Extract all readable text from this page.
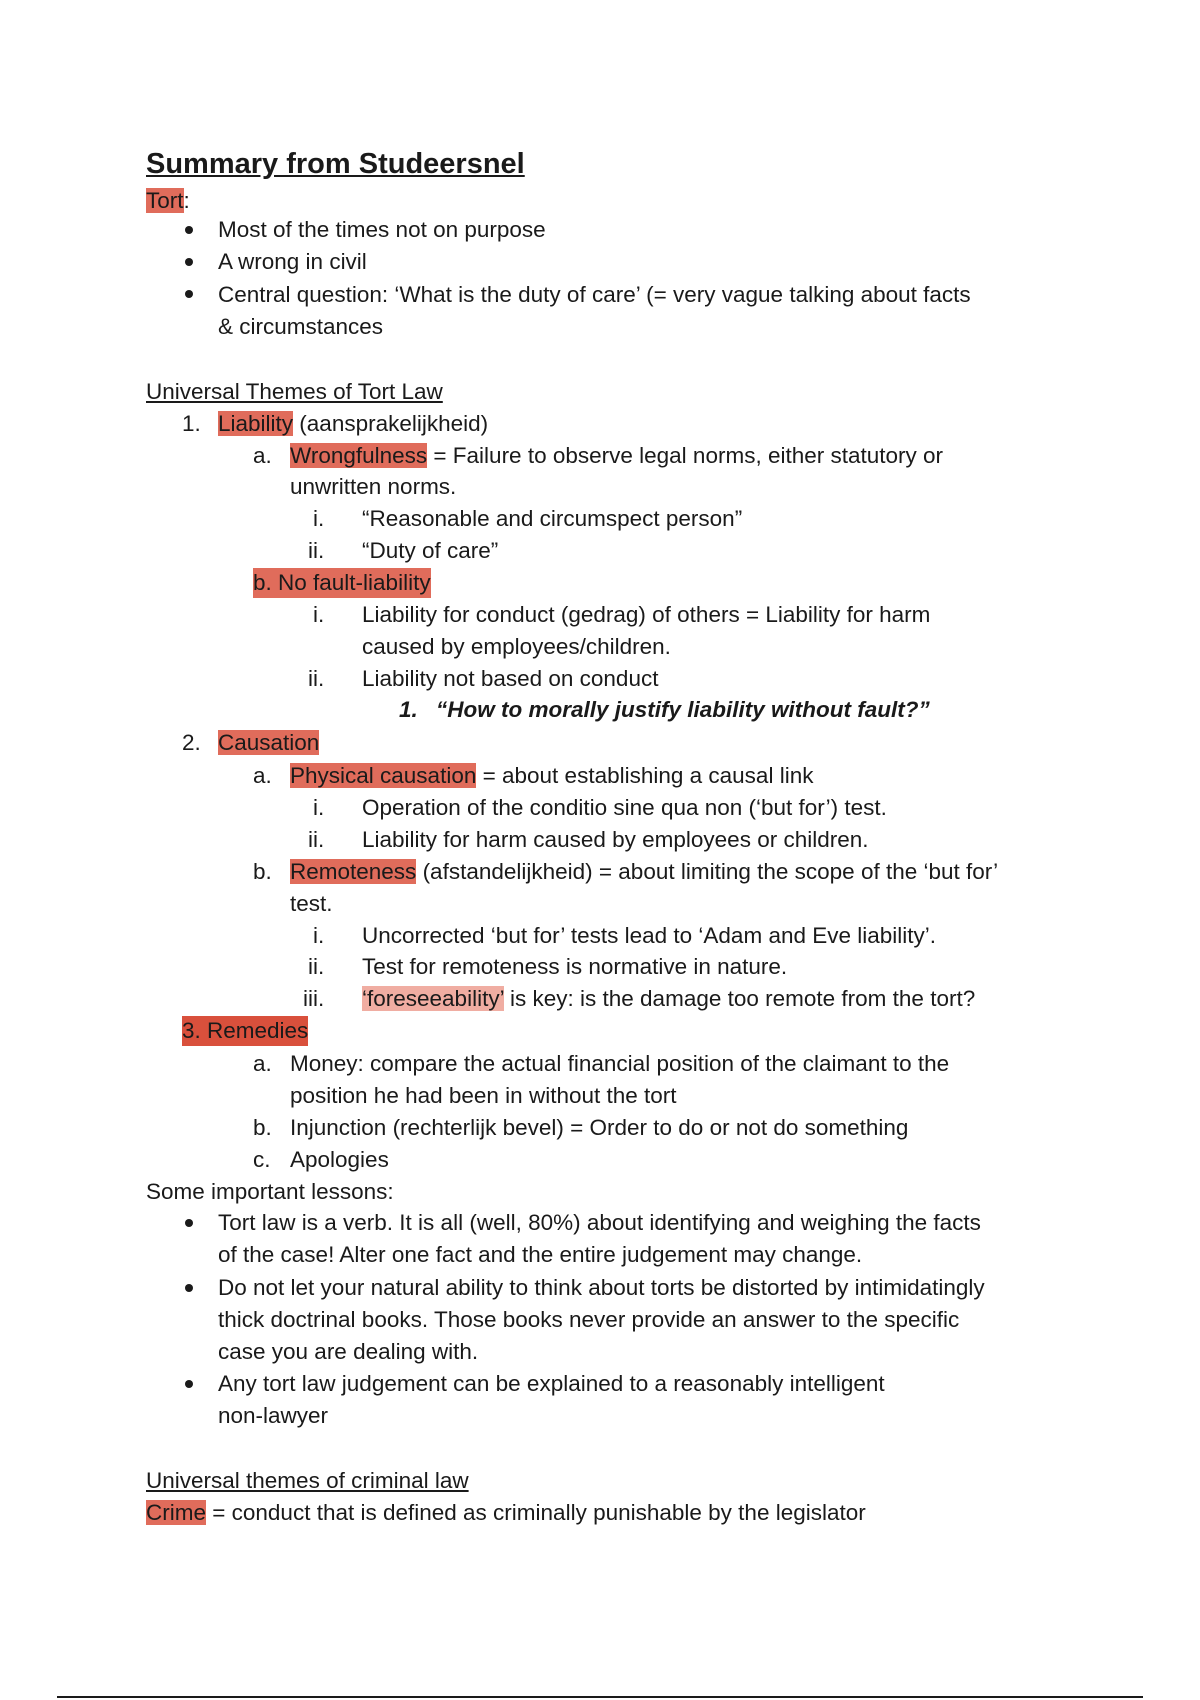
Summary from Studeersnel
Tort:
Most of the times not on purpose
A wrong in civil
Central question: ‘What is the duty of care’ (= very vague talking about facts
& circumstances
Universal Themes of Tort Law
1. Liability (aansprakelijkheid)
a. Wrongfulness = Failure to observe legal norms, either statutory or
unwritten norms.
i. “Reasonable and circumspect person”
ii. “Duty of care”
b. No fault-liability
i. Liability for conduct (gedrag) of others = Liability for harm
caused by employees/children.
ii. Liability not based on conduct
1. “How to morally justify liability without fault?”
2. Causation
a. Physical causation = about establishing a causal link
i. Operation of the conditio sine qua non (‘but for’) test.
ii. Liability for harm caused by employees or children.
b. Remoteness (afstandelijkheid) = about limiting the scope of the ‘but for’
test.
i. Uncorrected ‘but for’ tests lead to ‘Adam and Eve liability’.
ii. Test for remoteness is normative in nature.
iii. ‘foreseeability’ is key: is the damage too remote from the tort?
3. Remedies
a. Money: compare the actual financial position of the claimant to the
position he had been in without the tort
b. Injunction (rechterlijk bevel) = Order to do or not do something
c. Apologies
Some important lessons:
Tort law is a verb. It is all (well, 80%) about identifying and weighing the facts
of the case! Alter one fact and the entire judgement may change.
Do not let your natural ability to think about torts be distorted by intimidatingly
thick doctrinal books. Those books never provide an answer to the specific
case you are dealing with.
Any tort law judgement can be explained to a reasonably intelligent
non-lawyer
Universal themes of criminal law
Crime = conduct that is defined as criminally punishable by the legislator
